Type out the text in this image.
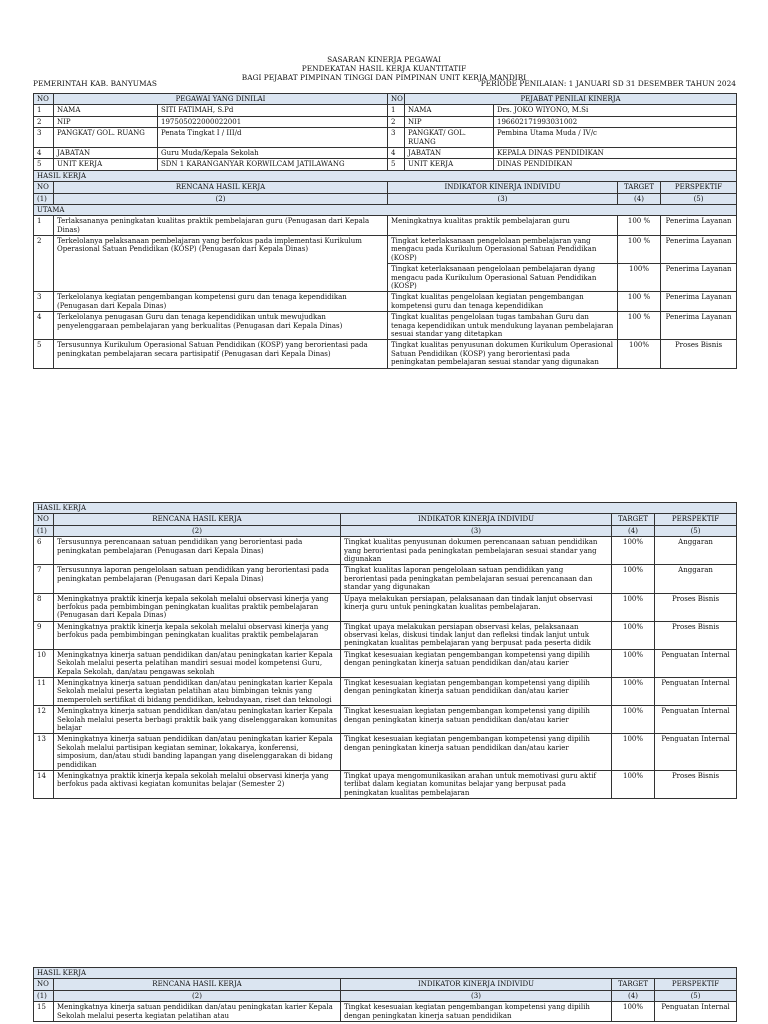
SASARAN KINERJA PEGAWAI
PENDEKATAN HASIL KERJA KUANTITATIF
BAGI PEJABAT PIMPINAN TINGGI DAN PIMPINAN UNIT KERJA MANDIRI
PEMERINTAH KAB. BANYUMAS	PERIODE PENILAIAN: 1 JANUARI SD 31 DESEMBER TAHUN 2024
NO	PEGAWAI YANG DINILAI		NO	PEJABAT PENILAI KINERJA			
1	NAMA	SITI FATIMAH, S.Pd	1	NAMA	Drs. JOKO WIYONO, M.Si		
2	NIP	197505022000022001	2	NIP	196602171993031002		
3	PANGKAT/ GOL. RUANG	Penata Tingkat I / III/d	3	PANGKAT/ GOL. RUANG	Pembina Utama Muda / IV/c		
4	JABATAN	Guru Muda/Kepala Sekolah	4	JABATAN	KEPALA DINAS PENDIDIKAN		
5	UNIT KERJA	SDN 1 KARANGANYAR KORWILCAM JATILAWANG	5	UNIT KERJA	DINAS PENDIDIKAN		
HASIL KERJA							
NO	RENCANA HASIL KERJA		INDIKATOR KINERJA INDIVIDU			TARGET	PERSPEKTIF
(1)	(2)		(3)			(4)	(5)
UTAMA							
1	Terlaksananya peningkatan kualitas praktik pembelajaran guru (Penugasan dari Kepala Dinas)		Meningkatnya kualitas praktik pembelajaran guru			100 %	Penerima Layanan
2	Terkelolanya pelaksanaan pembelajaran yang berfokus pada implementasi Kurikulum Operasional Satuan Pendidikan (KOSP) (Penugasan dari Kepala Dinas)		Tingkat keterlaksanaan pengelolaan pembelajaran yang mengacu pada Kurikulum Operasional Satuan Pendidikan (KOSP)			100 %	Penerima Layanan
			Tingkat keterlaksanaan pengelolaan pembelajaran dyang mengacu pada Kurikulum Operasional Satuan Pendidikan (KOSP)			100%	Penerima Layanan
3	Terkelolanya kegiatan pengembangan kompetensi guru dan tenaga kependidikan (Penugasan dari Kepala Dinas)		Tingkat kualitas pengelolaan kegiatan pengembangan kompetensi guru dan tenaga kependidikan			100 %	Penerima Layanan
4	Terkelolanya penugasan Guru dan tenaga kependidikan untuk mewujudkan penyelenggaraan pembelajaran yang berkualitas (Penugasan dari Kepala Dinas)		Tingkat kualitas pengelolaan tugas tambahan Guru dan tenaga kependidikan untuk mendukung layanan pembelajaran sesuai standar yang ditetapkan			100 %	Penerima Layanan
5	Tersusunnya Kurikulum Operasional Satuan Pendidikan (KOSP) yang berorientasi pada peningkatan pembelajaran secara partisipatif (Penugasan dari Kepala Dinas)		Tingkat kualitas penyusunan dokumen Kurikulum Operasional Satuan Pendidikan (KOSP) yang berorientasi pada peningkatan pembelajaran sesuai standar yang digunakan			100%	Proses Bisnis
HASIL KERJA				
NO	RENCANA HASIL KERJA	INDIKATOR KINERJA INDIVIDU	TARGET	PERSPEKTIF
(1)	(2)	(3)	(4)	(5)
6	Tersusunnya perencanaan satuan pendidikan yang berorientasi pada peningkatan pembelajaran (Penugasan dari Kepala Dinas)	Tingkat kualitas penyusunan dokumen perencanaan satuan pendidikan yang berorientasi pada peningkatan pembelajaran sesuai standar yang digunakan	100%	Anggaran
7	Tersusunnya laporan pengelolaan satuan pendidikan yang berorientasi pada peningkatan pembelajaran (Penugasan dari Kepala Dinas)	Tingkat kualitas laporan pengelolaan satuan pendidikan yang berorientasi pada peningkatan pembelajaran sesuai perencanaan dan standar yang digunakan	100%	Anggaran
8	Meningkatnya praktik kinerja kepala sekolah melalui observasi kinerja yang berfokus pada pembimbingan peningkatan kualitas praktik pembelajaran (Penugasan dari Kepala Dinas)	Upaya melakukan persiapan, pelaksanaan dan tindak lanjut observasi kinerja guru untuk peningkatan kualitas pembelajaran.	100%	Proses Bisnis
9	Meningkatnya praktik kinerja kepala sekolah melalui observasi kinerja yang berfokus pada pembimbingan peningkatan kualitas praktik pembelajaran	Tingkat upaya melakukan persiapan observasi kelas, pelaksanaan observasi kelas, diskusi tindak lanjut dan refleksi tindak lanjut untuk peningkatan kualitas pembelajaran yang berpusat pada peserta didik	100%	Proses Bisnis
10	Meningkatnya kinerja satuan pendidikan dan/atau peningkatan karier Kepala Sekolah melalui peserta pelatihan mandiri sesuai model kompetensi Guru, Kepala Sekolah, dan/atau pengawas sekolah	Tingkat kesesuaian kegiatan pengembangan kompetensi yang dipilih dengan peningkatan kinerja satuan pendidikan dan/atau karier	100%	Penguatan Internal
11	Meningkatnya kinerja satuan pendidikan dan/atau peningkatan karier Kepala Sekolah melalui peserta kegiatan pelatihan atau bimbingan teknis yang memperoleh sertifikat di bidang pendidikan, kebudayaan, riset dan teknologi	Tingkat kesesuaian kegiatan pengembangan kompetensi yang dipilih dengan peningkatan kinerja satuan pendidikan dan/atau karier	100%	Penguatan Internal
12	Meningkatnya kinerja satuan pendidikan dan/atau peningkatan karier Kepala Sekolah melalui peserta berbagi praktik baik yang diselenggarakan komunitas belajar	Tingkat kesesuaian kegiatan pengembangan kompetensi yang dipilih dengan peningkatan kinerja satuan pendidikan dan/atau karier	100%	Penguatan Internal
13	Meningkatnya kinerja satuan pendidikan dan/atau peningkatan karier Kepala Sekolah melalui partisipan kegiatan seminar, lokakarya, konferensi, simposium, dan/atau studi banding lapangan yang diselenggarakan di bidang pendidikan	Tingkat kesesuaian kegiatan pengembangan kompetensi yang dipilih dengan peningkatan kinerja satuan pendidikan dan/atau karier	100%	Penguatan Internal
14	Meningkatnya praktik kinerja kepala sekolah melalui observasi kinerja yang berfokus pada aktivasi kegiatan komunitas belajar (Semester 2)	Tingkat upaya mengomunikasikan arahan untuk memotivasi guru aktif terlibat dalam kegiatan komunitas belajar yang berpusat pada peningkatan kualitas pembelajaran	100%	Proses Bisnis
HASIL KERJA				
NO	RENCANA HASIL KERJA	INDIKATOR KINERJA INDIVIDU	TARGET	PERSPEKTIF
(1)	(2)	(3)	(4)	(5)
15	Meningkatnya kinerja satuan pendidikan dan/atau peningkatan karier Kepala Sekolah melalui peserta kegiatan pelatihan atau	Tingkat kesesuaian kegiatan pengembangan kompetensi yang dipilih dengan peningkatan kinerja satuan pendidikan	100%	Penguatan Internal
